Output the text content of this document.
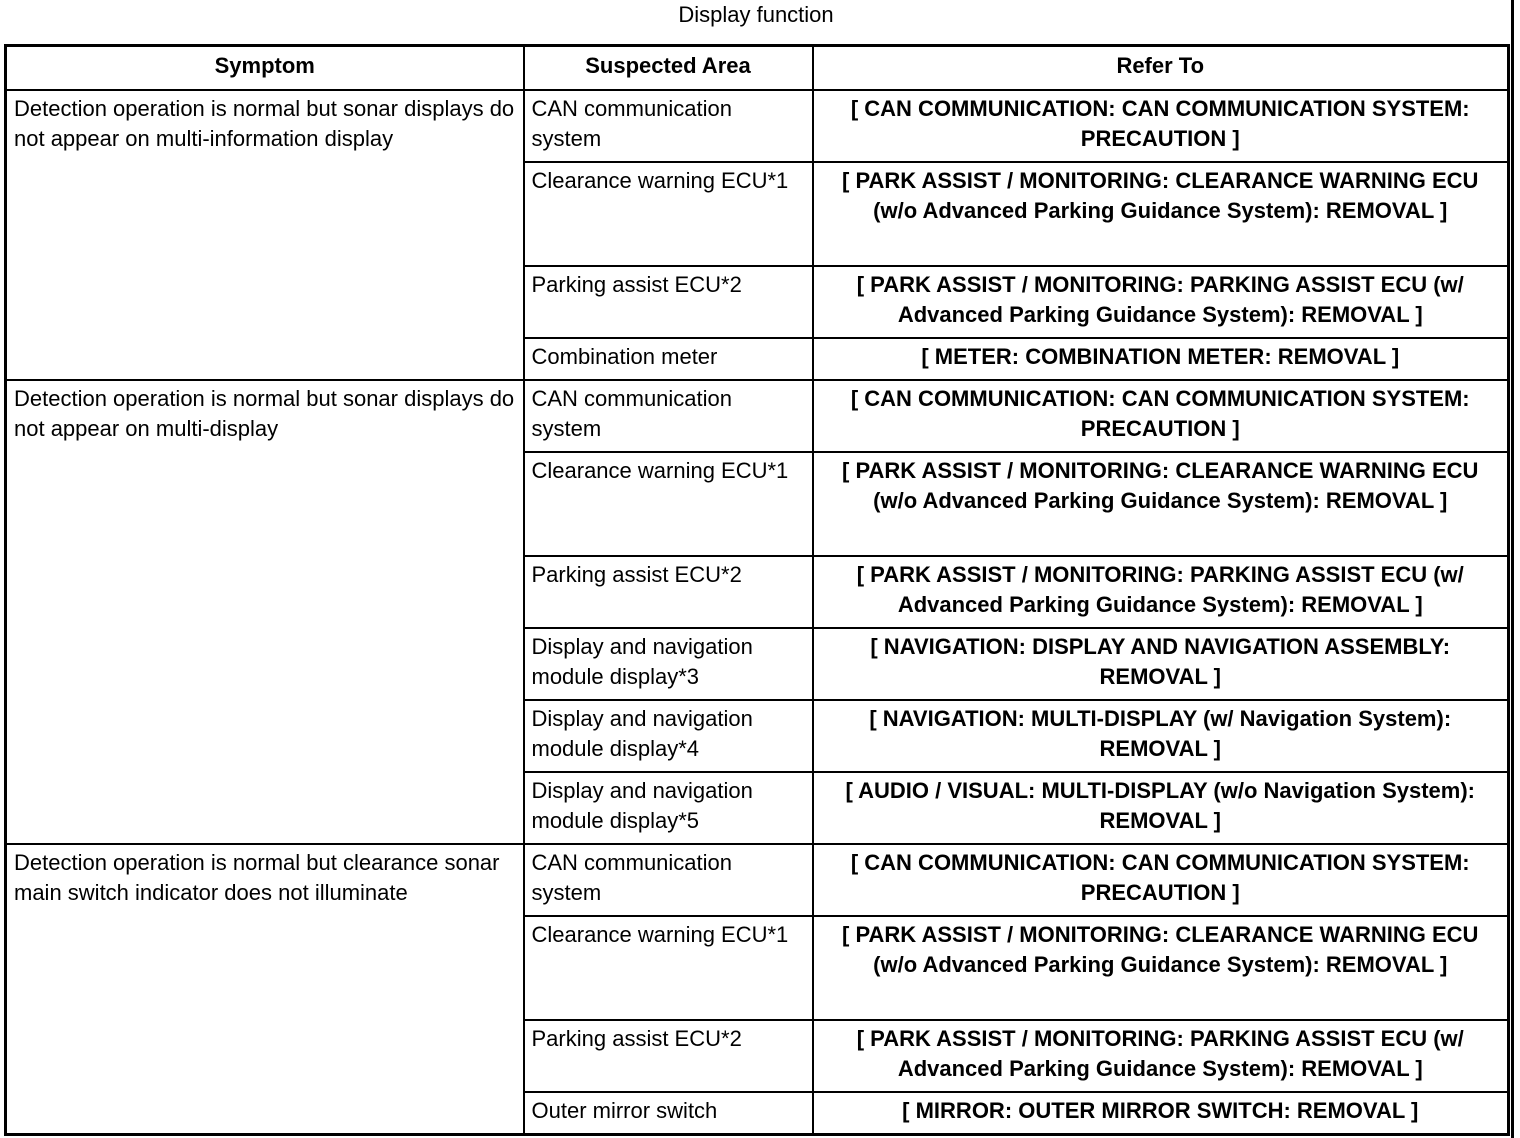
Display function
Symptom	Suspected Area	Refer To
Detection operation is normal but sonar displays do not appear on multi-information display	CAN communication system	[ CAN COMMUNICATION: CAN COMMUNICATION SYSTEM: PRECAUTION ]
	Clearance warning ECU*1	[ PARK ASSIST / MONITORING: CLEARANCE WARNING ECU (w/o Advanced Parking Guidance System): REMOVAL ]
	Parking assist ECU*2	[ PARK ASSIST / MONITORING: PARKING ASSIST ECU (w/ Advanced Parking Guidance System): REMOVAL ]
	Combination meter	[ METER: COMBINATION METER: REMOVAL ]
Detection operation is normal but sonar displays do not appear on multi-display	CAN communication system	[ CAN COMMUNICATION: CAN COMMUNICATION SYSTEM: PRECAUTION ]
	Clearance warning ECU*1	[ PARK ASSIST / MONITORING: CLEARANCE WARNING ECU (w/o Advanced Parking Guidance System): REMOVAL ]
	Parking assist ECU*2	[ PARK ASSIST / MONITORING: PARKING ASSIST ECU (w/ Advanced Parking Guidance System): REMOVAL ]
	Display and navigation module display*3	[ NAVIGATION: DISPLAY AND NAVIGATION ASSEMBLY: REMOVAL ]
	Display and navigation module display*4	[ NAVIGATION: MULTI-DISPLAY (w/ Navigation System): REMOVAL ]
	Display and navigation module display*5	[ AUDIO / VISUAL: MULTI-DISPLAY (w/o Navigation System): REMOVAL ]
Detection operation is normal but clearance sonar main switch indicator does not illuminate	CAN communication system	[ CAN COMMUNICATION: CAN COMMUNICATION SYSTEM: PRECAUTION ]
	Clearance warning ECU*1	[ PARK ASSIST / MONITORING: CLEARANCE WARNING ECU (w/o Advanced Parking Guidance System): REMOVAL ]
	Parking assist ECU*2	[ PARK ASSIST / MONITORING: PARKING ASSIST ECU (w/ Advanced Parking Guidance System): REMOVAL ]
	Outer mirror switch	[ MIRROR: OUTER MIRROR SWITCH: REMOVAL ]
